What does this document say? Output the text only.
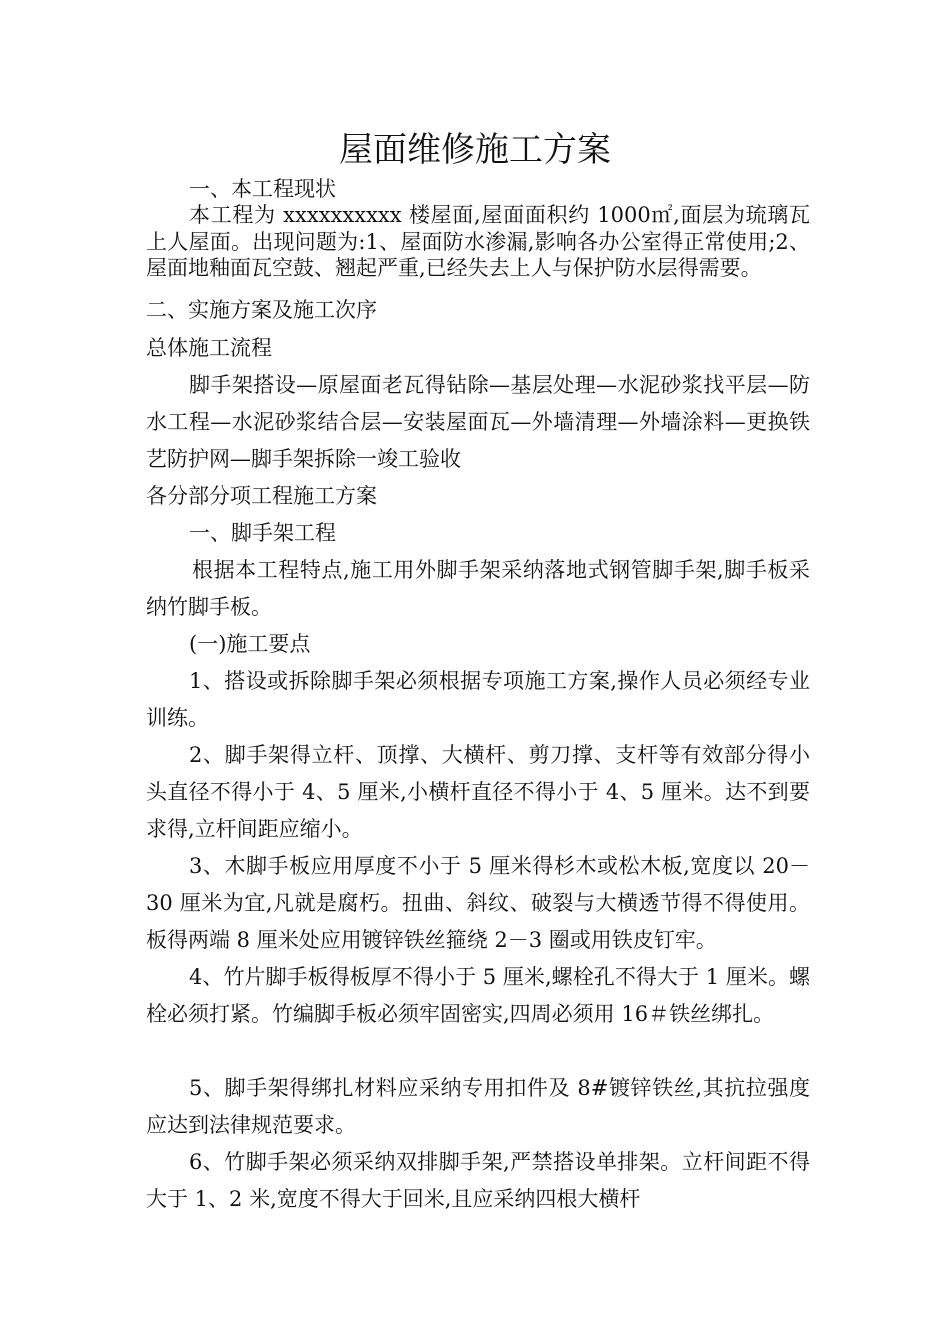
屋面维修施工方案

一、本工程现状

本工程为 xxxxxxxxxx 楼屋面,屋面面积约 1000㎡,面层为琉璃瓦上人屋面。出现问题为:1、屋面防水渗漏,影响各办公室得正常使用;2、屋面地釉面瓦空鼓、翘起严重,已经失去上人与保护防水层得需要。

二、实施方案及施工次序

总体施工流程

脚手架搭设—原屋面老瓦得钻除—基层处理—水泥砂浆找平层—防水工程—水泥砂浆结合层—安装屋面瓦—外墙清理—外墙涂料—更换铁艺防护网—脚手架拆除一竣工验收

各分部分项工程施工方案

一、脚手架工程

根据本工程特点,施工用外脚手架采纳落地式钢管脚手架,脚手板采纳竹脚手板。

(一)施工要点

1、搭设或拆除脚手架必须根据专项施工方案,操作人员必须经专业训练。

2、脚手架得立杆、顶撑、大横杆、剪刀撑、支杆等有效部分得小头直径不得小于 4、5 厘米,小横杆直径不得小于 4、5 厘米。达不到要求得,立杆间距应缩小。

3、木脚手板应用厚度不小于 5 厘米得杉木或松木板,宽度以 20－30 厘米为宜,凡就是腐朽。扭曲、斜纹、破裂与大横透节得不得使用。板得两端 8 厘米处应用镀锌铁丝箍绕 2－3 圈或用铁皮钉牢。

4、竹片脚手板得板厚不得小于 5 厘米,螺栓孔不得大于 1 厘米。螺栓必须打紧。竹编脚手板必须牢固密实,四周必须用 16＃铁丝绑扎。

5、脚手架得绑扎材料应采纳专用扣件及 8#镀锌铁丝,其抗拉强度应达到法律规范要求。

6、竹脚手架必须采纳双排脚手架,严禁搭设单排架。立杆间距不得大于 1、2 米,宽度不得大于回米,且应采纳四根大横杆
